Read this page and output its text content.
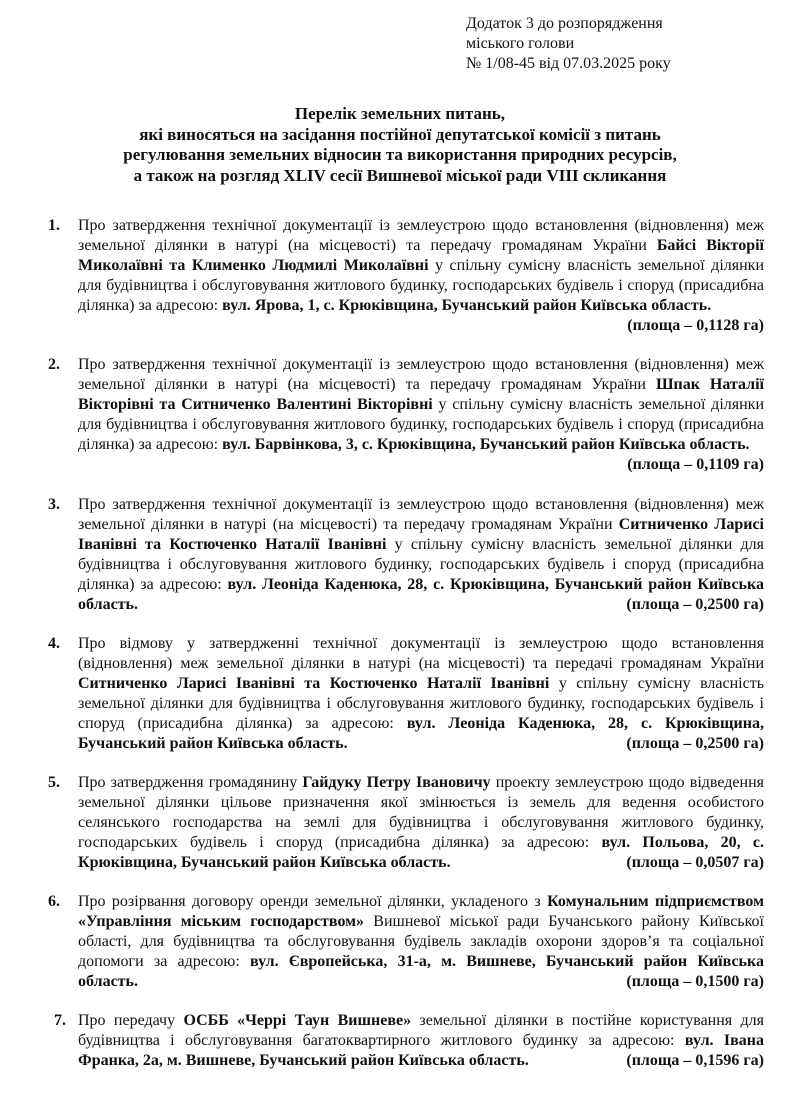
Додаток 3 до розпорядження
міського голови
№ 1/08-45 від 07.03.2025 року
Перелік земельних питань,
які виносяться на засідання постійної депутатської комісії з питань
регулювання земельних відносин та використання природних ресурсів,
а також на розгляд XLIV сесії Вишневої міської ради VIII скликання
1.	Про затвердження технічної документації із землеустрою щодо встановлення (відновлення) меж земельної ділянки в натурі (на місцевості) та передачу громадянам України Байсі Вікторії Миколаївні та Клименко Людмилі Миколаївні у спільну сумісну власність земельної ділянки для будівництва і обслуговування житлового будинку, господарських будівель і споруд (присадибна ділянка) за адресою: вул. Ярова, 1, с. Крюківщина, Бучанський район Київська область.
(площа – 0,1128 га)
2.	Про затвердження технічної документації із землеустрою щодо встановлення (відновлення) меж земельної ділянки в натурі (на місцевості) та передачу громадянам України Шпак Наталії Вікторівні та Ситниченко Валентині Вікторівні у спільну сумісну власність земельної ділянки для будівництва і обслуговування житлового будинку, господарських будівель і споруд (присадибна ділянка) за адресою: вул. Барвінкова, 3, с. Крюківщина, Бучанський район Київська область.
(площа – 0,1109 га)
3.	Про затвердження технічної документації із землеустрою щодо встановлення (відновлення) меж земельної ділянки в натурі (на місцевості) та передачу громадянам України Ситниченко Ларисі Іванівні та Костюченко Наталії Іванівні у спільну сумісну власність земельної ділянки для будівництва і обслуговування житлового будинку, господарських будівель і споруд (присадибна ділянка) за адресою: вул. Леоніда Каденюка, 28, с. Крюківщина, Бучанський район Київська область.	(площа – 0,2500 га)
4.	Про відмову у затвердженні технічної документації із землеустрою щодо встановлення (відновлення) меж земельної ділянки в натурі (на місцевості) та передачі громадянам України Ситниченко Ларисі Іванівні та Костюченко Наталії Іванівні у спільну сумісну власність земельної ділянки для будівництва і обслуговування житлового будинку, господарських будівель і споруд (присадибна ділянка) за адресою: вул. Леоніда Каденюка, 28, с. Крюківщина, Бучанський район Київська область.	(площа – 0,2500 га)
5.	Про затвердження громадянину Гайдуку Петру Івановичу проекту землеустрою щодо відведення земельної ділянки цільове призначення якої змінюється із земель для ведення особистого селянського господарства на землі для будівництва і обслуговування житлового будинку, господарських будівель і споруд (присадибна ділянка) за адресою: вул. Польова, 20, с. Крюківщина, Бучанський район Київська область.	(площа – 0,0507 га)
6.	Про розірвання договору оренди земельної ділянки, укладеного з Комунальним підприємством «Управління міським господарством» Вишневої міської ради Бучанського району Київської області, для будівництва та обслуговування будівель закладів охорони здоров’я та соціальної допомоги за адресою: вул. Європейська, 31-а, м. Вишневе, Бучанський район Київська область.	(площа – 0,1500 га)
7. Про передачу ОСББ «Черрі Таун Вишневе» земельної ділянки в постійне користування для будівництва і обслуговування багатоквартирного житлового будинку за адресою: вул. Івана Франка, 2а, м. Вишневе, Бучанський район Київська область.	(площа – 0,1596 га)
